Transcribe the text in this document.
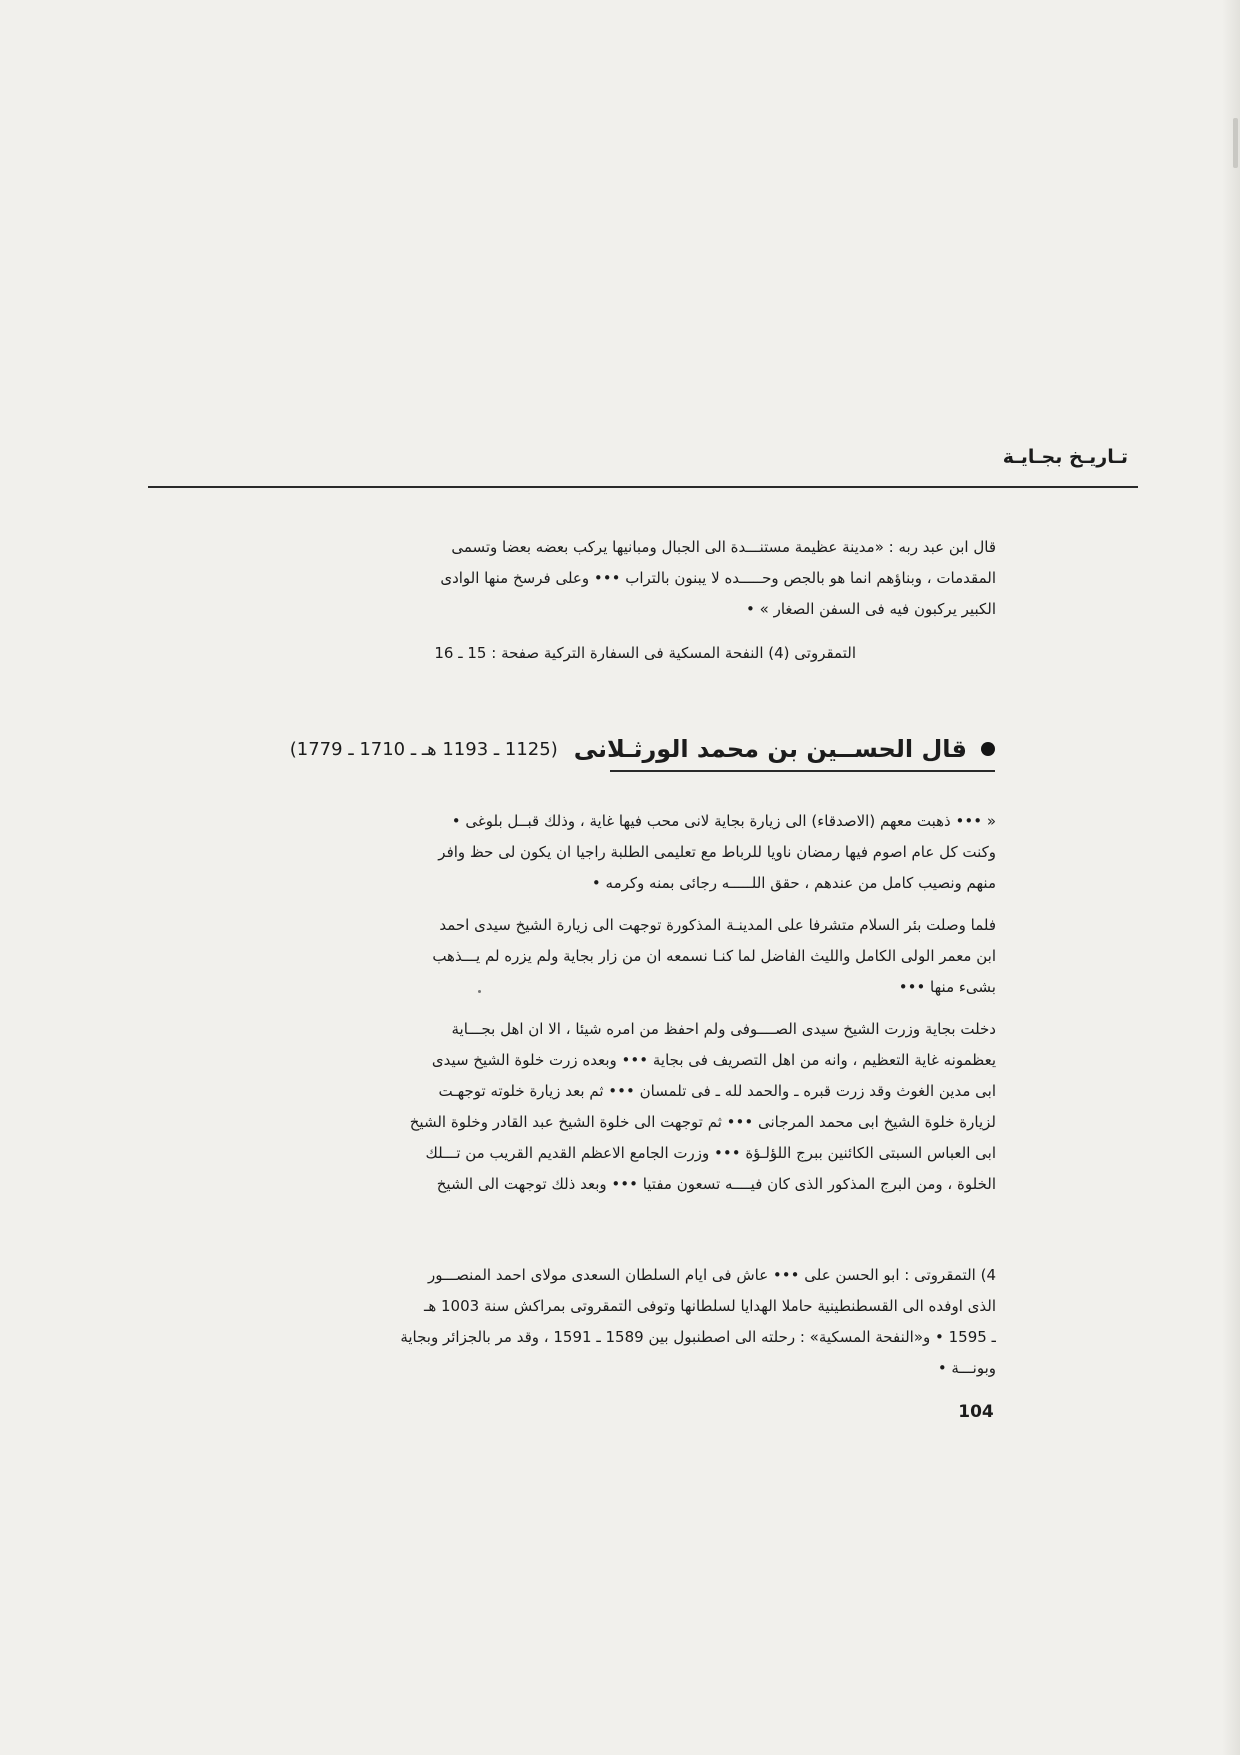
تـاريـخ بجـايـة
قال ابن عبد ربه : «مدينة عظيمة مستنـــدة الى الجبال ومبانيها يركب بعضه بعضا وتسمى
المقدمات ، وبناؤهم انما هو بالجص وحـــــده لا يبنون بالتراب ••• وعلى فرسخ منها الوادى
الكبير يركبون فيه فى السفن الصغار » •
التمقروتى (4) النفحة المسكية فى السفارة التركية صفحة : 15 ـ 16
قال الحســين بن محمد الورثـلانى(1125 ـ 1193 هـ ـ 1710 ـ 1779)
« ••• ذهبت معهم (الاصدقاء) الى زيارة بجاية لانى محب فيها غاية ، وذلك قبــل بلوغى •
وكنت كل عام اصوم فيها رمضان ناويا للرباط مع تعليمى الطلبة راجيا ان يكون لى حظ وافر
منهم ونصيب كامل من عندهم ، حقق اللـــــه رجائى بمنه وكرمه •
فلما وصلت بئر السلام متشرفا على المدينـة المذكورة توجهت الى زيارة الشيخ سيدى احمد
ابن معمر الولى الكامل والليث الفاضل لما كنـا نسمعه ان من زار بجاية ولم يزره لم يـــذهب
بشىء منها •••
دخلت بجاية وزرت الشيخ سيدى الصــــوفى ولم احفظ من امره شيئا ، الا ان اهل بجـــاية
يعظمونه غاية التعظيم ، وانه من اهل التصريف فى بجاية ••• وبعده زرت خلوة الشيخ سيدى
ابى مدين الغوث وقد زرت قبره ـ والحمد لله ـ فى تلمسان ••• ثم بعد زيارة خلوته توجهـت
لزيارة خلوة الشيخ ابى محمد المرجانى ••• ثم توجهت الى خلوة الشيخ عبد القادر وخلوة الشيخ
ابى العباس السبتى الكائنين ببرج اللؤلـؤة ••• وزرت الجامع الاعظم القديم القريب من تـــلك
الخلوة ، ومن البرج المذكور الذى كان فيــــه تسعون مفتيا ••• وبعد ذلك توجهت الى الشيخ
4) التمقروتى : ابو الحسن على ••• عاش فى ايام السلطان السعدى مولاى احمد المنصـــور
الذى اوفده الى القسطنطينية حاملا الهدايا لسلطانها وتوفى التمقروتى بمراكش سنة 1003 هـ
ـ 1595 • و«النفحة المسكية» : رحلته الى اصطنبول بين 1589 ـ 1591 ، وقد مر بالجزائر وبجاية
وبونـــة •
104
